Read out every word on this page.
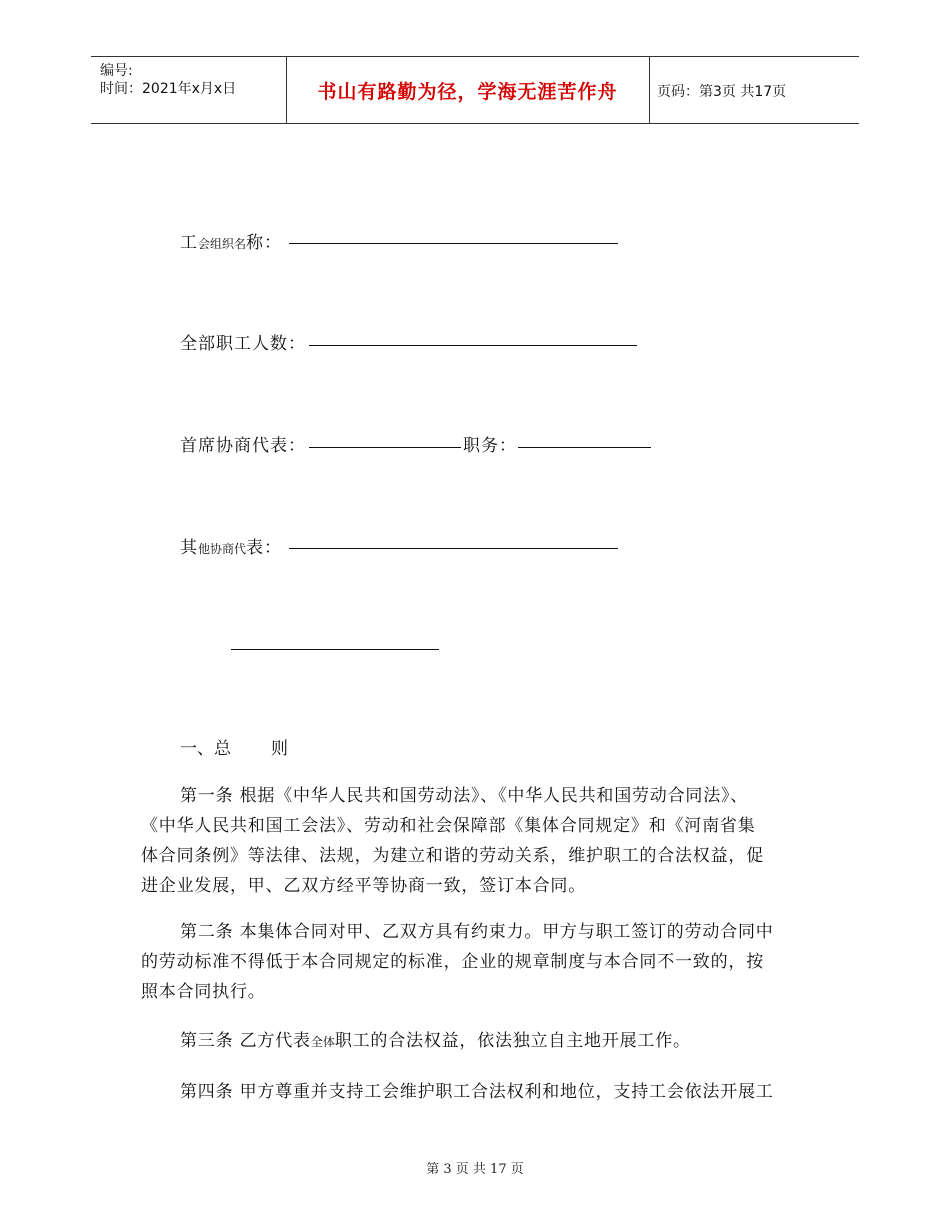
编号:
时间：2021年x月x日	书山有路勤为径，学海无涯苦作舟	页码：第3页 共17页
工会组织名称：
全部职工人数：
首席协商代表：	职务：
其他协商代表：
一、总 则
第一条 根据《中华人民共和国劳动法》、《中华人民共和国劳动合同法》、
《中华人民共和国工会法》、劳动和社会保障部《集体合同规定》和《河南省集
体合同条例》等法律、法规，为建立和谐的劳动关系，维护职工的合法权益，促
进企业发展，甲、乙双方经平等协商一致，签订本合同。
第二条 本集体合同对甲、乙双方具有约束力。甲方与职工签订的劳动合同中
的劳动标准不得低于本合同规定的标准，企业的规章制度与本合同不一致的，按
照本合同执行。
第三条 乙方代表全体职工的合法权益，依法独立自主地开展工作。
第四条 甲方尊重并支持工会维护职工合法权利和地位，支持工会依法开展工
第 3 页 共 17 页
